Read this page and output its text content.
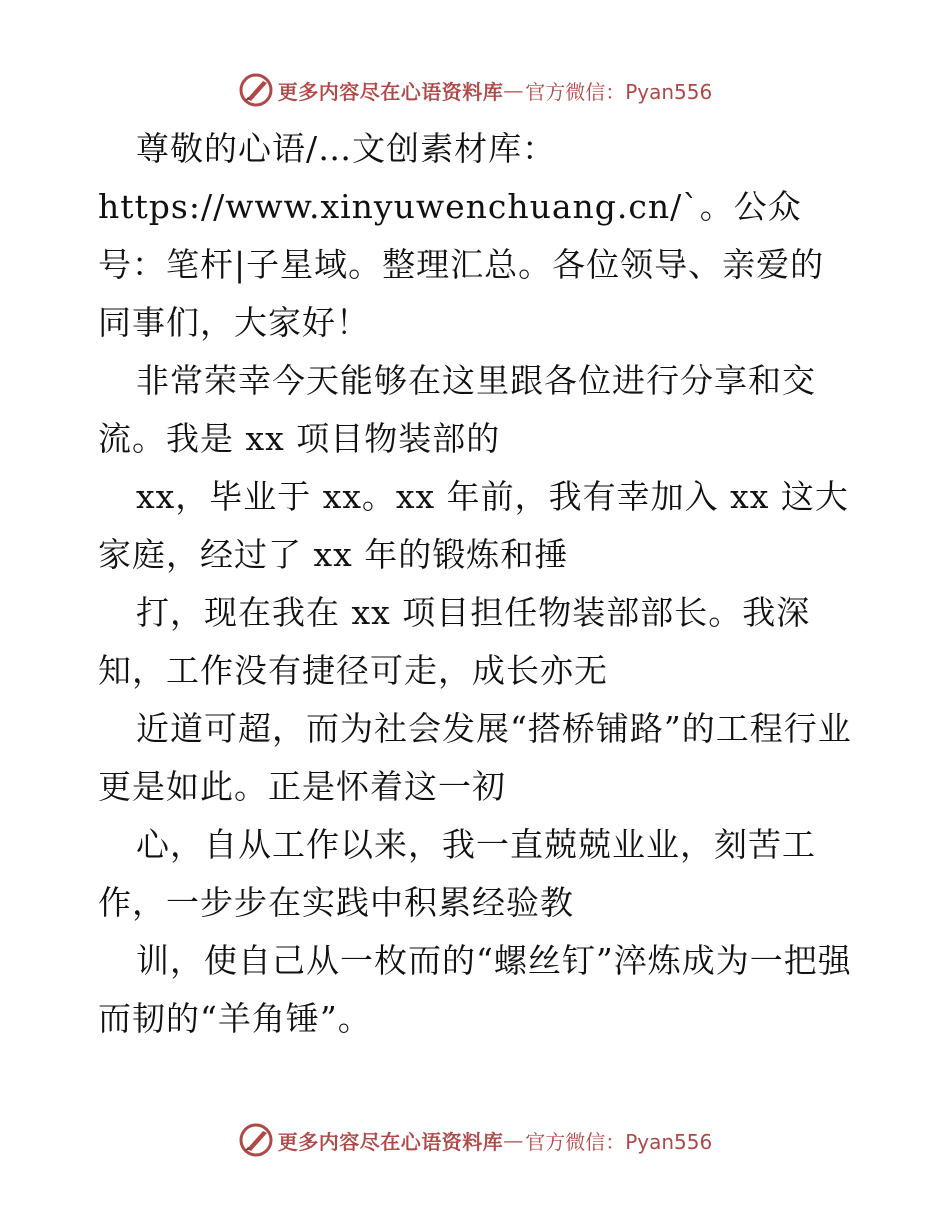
更多内容尽在心语资料库 — 官方微信：Pyan556

尊敬的心语/…文创素材库：https://www.xinyuwenchuang.cn/`。公众号：笔杆|子星域。整理汇总。各位领导、亲爱的同事们，大家好！

非常荣幸今天能够在这里跟各位进行分享和交流。我是 xx 项目物装部的

xx，毕业于 xx。xx 年前，我有幸加入 xx 这大家庭，经过了 xx 年的锻炼和捶

打，现在我在 xx 项目担任物装部部长。我深知，工作没有捷径可走，成长亦无

近道可超，而为社会发展“搭桥铺路”的工程行业更是如此。正是怀着这一初

心，自从工作以来，我一直兢兢业业，刻苦工作，一步步在实践中积累经验教

训，使自己从一枚而的“螺丝钉”淬炼成为一把强而韧的“羊角锤”。

更多内容尽在心语资料库 — 官方微信：Pyan556
